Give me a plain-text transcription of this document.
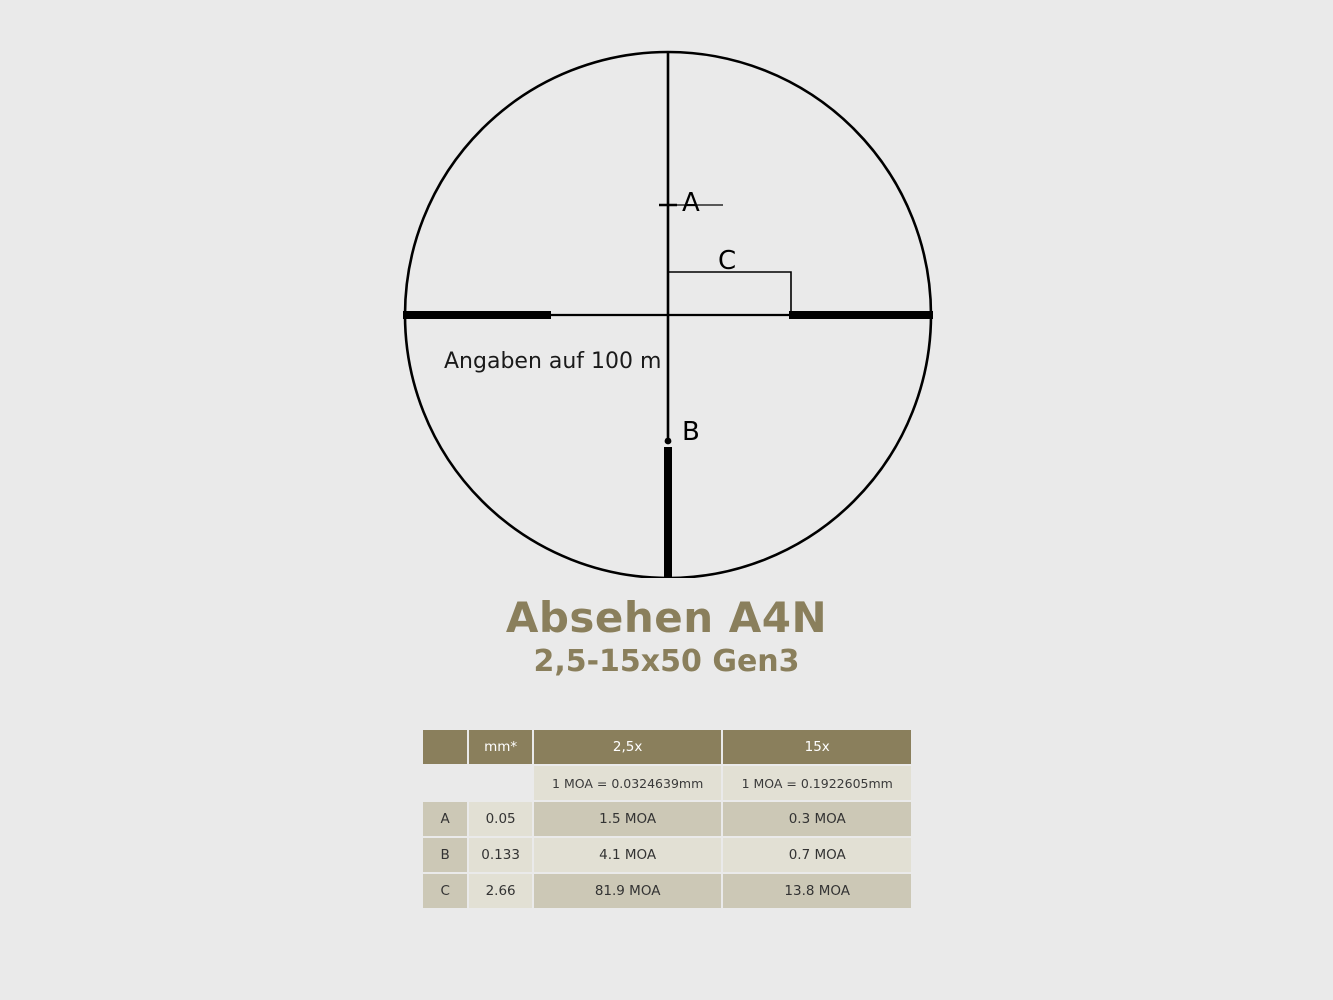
A
C
B
Angaben auf 100 m
Absehen A4N
2,5-15x50 Gen3
	mm*	2,5x	15x
		1 MOA = 0.0324639mm	1 MOA = 0.1922605mm
A	0.05	1.5 MOA	0.3 MOA
B	0.133	4.1 MOA	0.7 MOA
C	2.66	81.9 MOA	13.8 MOA
